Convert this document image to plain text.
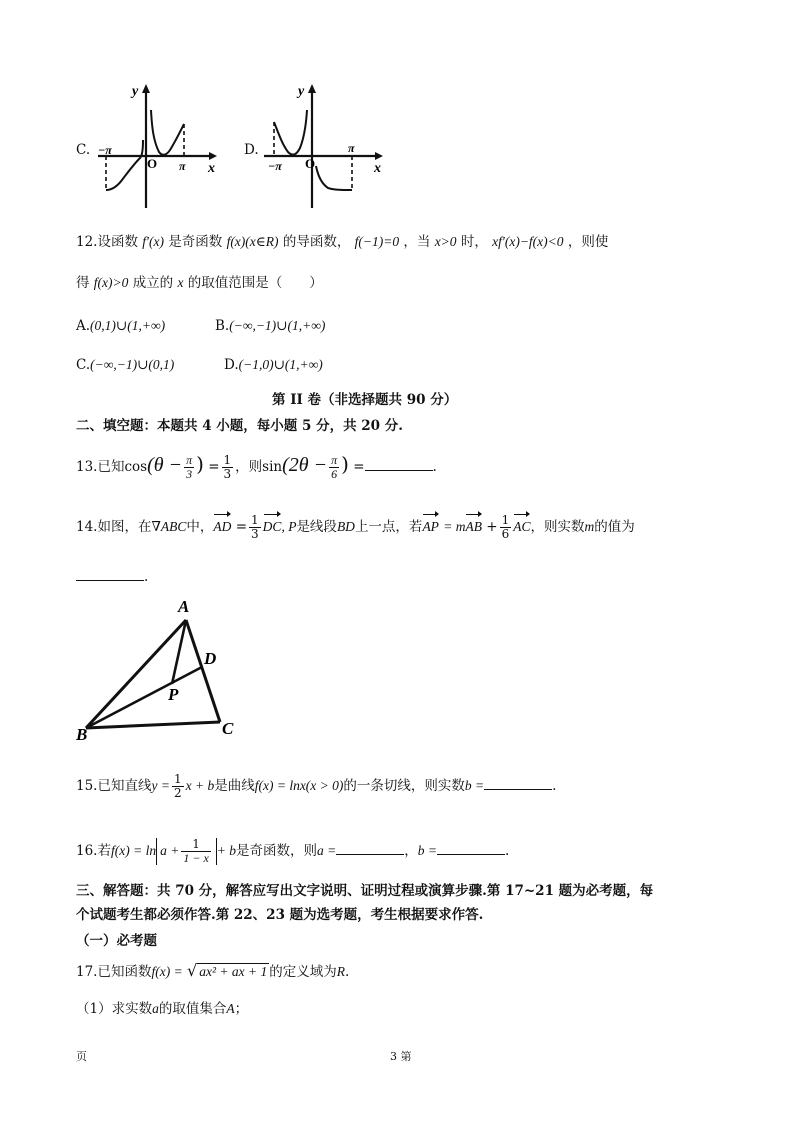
C.
y
x
O
−π
π
D.
y
x
O
−π
π
12.设函数 f′(x) 是奇函数 f(x)(x∈R) 的导函数， f(−1)=0 ，当 x>0 时， xf′(x)−f(x)<0 ，则使
得 f(x)>0 成立的 x 的取值范围是（　　）
A.(0,1)∪(1,+∞)	B.(−∞,−1)∪(1,+∞)
C.(−∞,−1)∪(0,1)	D.(−1,0)∪(1,+∞)
第 II 卷（非选择题共 90 分）
二、填空题：本题共 4 小题，每小题 5 分，共 20 分.
13.已知$\cos(\theta - \frac{\pi}{3}$ ) = $\frac{1}{3}$ ，则$\sin(2\theta - \frac{\pi}{6}$ ) =	.
14.如图，在∇ABC中，AD = $\frac{1}{3}$ DC, P是线段BD上一点，若AP = mAB + $\frac{1}{6}$ AC，则实数m的值为
.
A
B	C
D
P
15.已知直线$y = \frac{1}{2}$ x + b是曲线f(x) = lnx(x > 0)的一条切线，则实数b =	.
16.若$f(x) = \ln a + \frac{1}{1 - x} + b$是奇函数，则a =	，b =	.
三、解答题：共 70 分，解答应写出文字说明、证明过程或演算步骤.第 17~21 题为必考题，每
个试题考生都必须作答.第 22、23 题为选考题，考生根据要求作答.
（一）必考题
17.已知函数f(x) = √ ax² + ax + 1 的定义域为R.
（1）求实数a的取值集合A；
页	3 第
